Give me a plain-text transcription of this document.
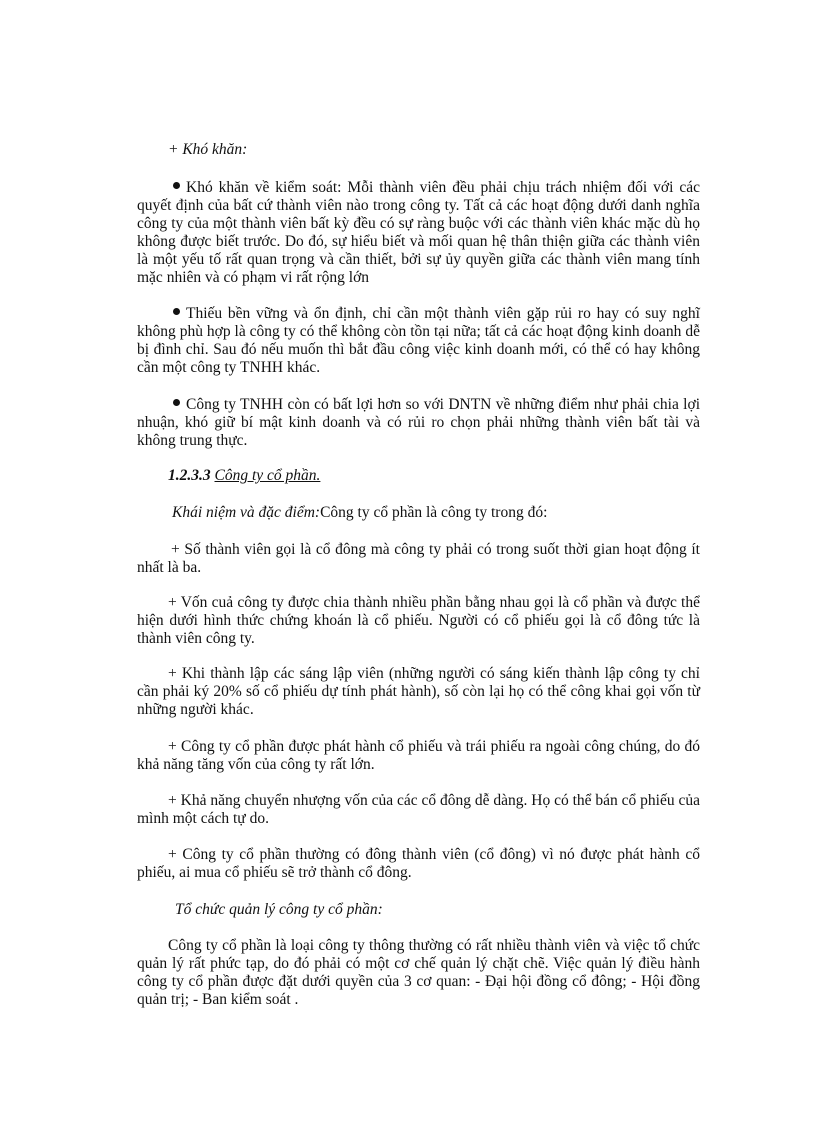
+ Khó khăn:

Khó khăn về kiểm soát: Mỗi thành viên đều phải chịu trách nhiệm đối với các quyết định của bất cứ thành viên nào trong công ty. Tất cả các hoạt động dưới danh nghĩa công ty của một thành viên bất kỳ đều có sự ràng buộc với các thành viên khác mặc dù họ không được biết trước. Do đó, sự hiểu biết và mối quan hệ thân thiện giữa các thành viên là một yếu tố rất quan trọng và cần thiết, bởi sự ủy quyền giữa các thành viên mang tính mặc nhiên và có phạm vi rất rộng lớn

Thiếu bền vững và ổn định, chỉ cần một thành viên gặp rủi ro hay có suy nghĩ không phù hợp là công ty có thể không còn tồn tại nữa; tất cả các hoạt động kinh doanh dễ bị đình chỉ. Sau đó nếu muốn thì bắt đầu công việc kinh doanh mới, có thể có hay không cần một công ty TNHH khác.

Công ty TNHH còn có bất lợi hơn so với DNTN về những điểm như phải chia lợi nhuận, khó giữ bí mật kinh doanh và có rủi ro chọn phải những thành viên bất tài và không trung thực.

1.2.3.3 Công ty cổ phần.

Khái niệm và đặc điểm:Công ty cổ phần là công ty trong đó:

+ Số thành viên gọi là cổ đông mà công ty phải có trong suốt thời gian hoạt động ít nhất là ba.

+ Vốn cuả công ty được chia thành nhiều phần bằng nhau gọi là cổ phần và được thể hiện dưới hình thức chứng khoán là cổ phiếu. Người có cổ phiếu gọi là cổ đông tức là thành viên công ty.

+ Khi thành lập các sáng lập viên (những người có sáng kiến thành lập công ty chỉ cần phải ký 20% số cổ phiếu dự tính phát hành), số còn lại họ có thể công khai gọi vốn từ những người khác.

+ Công ty cổ phần được phát hành cổ phiếu và trái phiếu ra ngoài công chúng, do đó khả năng tăng vốn của công ty rất lớn.

+ Khả năng chuyển nhượng vốn của các cổ đông dễ dàng. Họ có thể bán cổ phiếu của mình một cách tự do.

+ Công ty cổ phần thường có đông thành viên (cổ đông) vì nó được phát hành cổ phiếu, ai mua cổ phiếu sẽ trở thành cổ đông.

Tổ chức quản lý công ty cổ phần:

Công ty cổ phần là loại công ty thông thường có rất nhiều thành viên và việc tổ chức quản lý rất phức tạp, do đó phải có một cơ chế quản lý chặt chẽ. Việc quản lý điều hành công ty cổ phần được đặt dưới quyền của 3 cơ quan: - Đại hội đồng cổ đông; - Hội đồng quản trị; - Ban kiểm soát .
